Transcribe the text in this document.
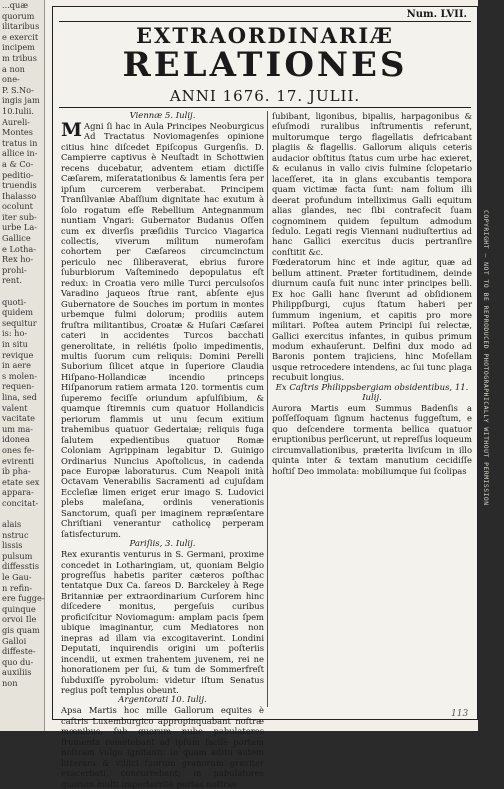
...quæ
quorum
ilitaribus
e exercit
incipem
m tribus
a non
one-
P. S.No-
ingis jam
10.Iulii.
Aureli-
Montes
tratus in
allice in-
a & Co-
peditio-
truendis
Ihalasso
ocolunt
iter sub-
urbe La-
Gallice
e Lotha-
Rex ho-
prohi-
rent.

quoti-
quidem
sequitur
is: ho-
in situ
revique
in aere
s molen-
requen-
lina, sed
valent
vacitate
um ma-
idonea
ones fe-
evirenti
ib pha-
etate sex
appara-
concitat-

alais
nstruc
lissis
pulsum
diffesstis
le Gau-
n refin-
ere fugge-
quinque
orvoi Ile
gis quam
Galloi
diffeste-
quo du-
auxiliis
non
Num. LVII.
EXTRAORDINARIÆ
RELATIONES
ANNI 1676. 17. JULII.
Viennæ 5. Iulij.

M Agni ſi hac in Aula Principes Neoburgicus Ad Tractatus Noviomagenſes opinione citius hinc diſcedet Epiſcopus Gurgenſis. D. Campierre captivus è Neuſtadt in Schottwien recens ducebatur, adventem etiam dictiſſe Cæſarem, miſeratationibus & lamentis ſera per ipſum curcerem verberabat. Principem Tranſilvaniæ Abaſſium dignitate hac exutum à ſolo rogatum eſſe Rebellium Antegnanmum nuntiam Vngari: Gubernator Budanus Oſſen cum ex diverſis præſidiis Turcico Viagarica collectis, viverum militum numerofam cohortem per Cæſareos circumcinctum periculo nec ſiliberaverat, ebrius furore ſuburbiorum Vaſteminedo depopulatus eſt redux: in Croatia vero mille Turci perculsoſos Varadino jaqueos ſtrue rant, abſente ejus Gubernatore de Souches im portum in montes urbemque fulmi dolorum; prodiiis autem fruſtra militantibus, Croatæ & Huſari Cæſarei cateri in accidentes Turcos bacchati generolitate, in reliétis ſpolio impedimentis, multis ſuorum cum reliquis: Domini Perelli Suborium ſilicet atque in ſuperiore Claudia Hiſpano-Hollandicæ incendio princeps Hiſpanorum ratiem armata 120. tormentis cum ſuperemo feciſſe oriundum apſulſibium, & quamque ſtiremnis cum quatuor Hollandicis periorum flammis ut unu ſecum exitium trahemibus quatuor Gedertaiæ; reliquis fuga ſalutem expedientibus quatuor Romæ Coloniam Agrippinam legabitur D. Guinigo Ordinarius Nuncius Apoſtolicus, in cadenda pace Europæ laboraturus. Cum Neapoli inità Octavam Venerabilis Sacramenti ad cujuſdam Eccleſiæ limen eriget erur imago S. Ludovici plebs maleſana, ordinis venerationis Sanctorum, quaſi per imaginem repræſentare Chriſtiani venerantur catholicę perperam ſatisfecturum.

Pariſiis, 3. Iulij.

Rex exurantis venturus in S. Germani, proxime concedet in Lotharingiam, ut, quoniam Belgio progreſſus habetis pariter cæteros poſthac tentatque Dux Ca. ſareos D. Barckeley à Rege Britanniæ per extraordinarium Curſorem hinc diſcedere monitus, pergeſuis curibus proficiſcitur Noviomagum: amplam pacis ſpem ubique imaginantur, cum Mediatores non inepras ad illam via excogitaverint. Londini Deputati, inquirendis origini um poſteriis incendii, ut exmen trahentem juvenem, rei ne honorationem per ſui, & tum de Sommerfreſt ſubduxiſſe pyrobolum: videtur iſtum Senatus regius poſt templus obeunt.

Argentorati 10. Iulij.

Apsa Martis hoc mille Gallorum equites è caſtris Luxemburgico appropinquabant noſtræ mœnibus, ſub quorum nube pabulatores frumenta remetebant ad ipſum facilè portam noſtram vulgo ignitanti: in quam aditu autem litterara & villici ſuorum granorum graviter exacerbati, concurrebant; in pabulatores quorum multi imperterritè portas noſtras

ſubibant, ligonibus, bipaliis, harpagonibus & eſuſmodi ruralibus inſtrumentis referunt, multorumque tergo flagellatis defricabant plagiis & flagellis. Gallorum aliquis ceteris audacior obſtitus ſtatus cum urbe hac exieret, & eculanus in vallo civis fulmine ſclopetario laceſſeret, ita in glans excubantis tempora quam victimæ facta ſunt: nam folium illi deerat profundum intelliximus Galli equitum alias glandes, nec ſibi contrafecit ſuam cognominem quidem ſepultum admodum ſedulo. Legati regis Viennani nudiuſtertius ad hanc Gallici exercitus ducis pertranſire conſtitit &c.

Fœderatorum hinc et inde agitur, quæ ad bellum attinent. Præter fortitudinem, deinde diurnum cauſa fuit nunc inter principes belli. Ex hoc Galli hanc ſiverunt ad obſidionem Philippſburgi, cujus ſtatum haberi per ſummum ingenium, et capitis pro more militari. Poſtea autem Principi ſui relectæ, Gallici exercitus infantes, in quibus primum modum exhauſerunt. Delfini dux modo ad Baronis pontem trajiciens, hinc Moſellam usque retrocedere intendens, ac ſui tunc plaga recubuit longius.

Ex Caſtris Philippsbergiam obsidentibus, 11. Iulij.

Aurora Martis eum Summus Badenſis a poſſeſſoquam ſignum hactenus fuggeſtum, e quo deſcendere tormenta bellica quatuor eruptionibus perſicerunt, ut repreſſus loqueum circumvallationibus, præterita liviſcum in illo quinta inter & textam manutium cecidiſſe hoſtiſ Deo immolata: mobiliumque ſui ſcolipas

113
COPYRIGHT — NOT TO BE REPRODUCED PHOTOGRAPHICALLY WITHOUT PERMISSION
